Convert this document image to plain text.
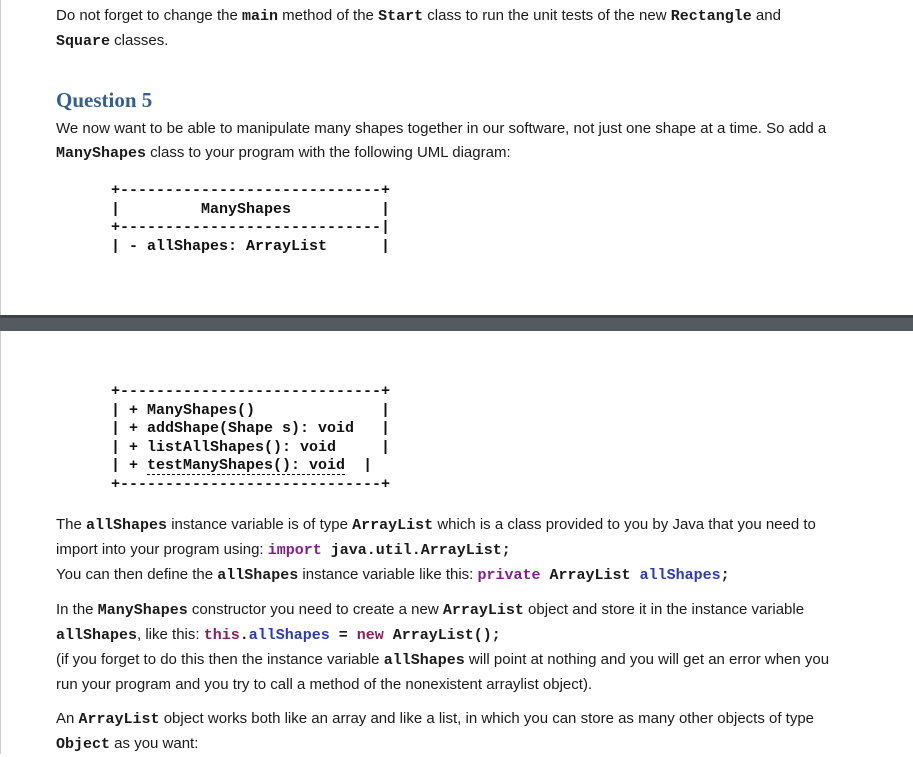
Do not forget to change the main method of the Start class to run the unit tests of the new Rectangle and
Square classes.
Question 5
We now want to be able to manipulate many shapes together in our software, not just one shape at a time. So add a
ManyShapes class to your program with the following UML diagram:
+-----------------------------+
|         ManyShapes          |
+-----------------------------|
| - allShapes: ArrayList      |
+-----------------------------+
| + ManyShapes()              |
| + addShape(Shape s): void   |
| + listAllShapes(): void     |
| + testManyShapes(): void  |
+-----------------------------+
The allShapes instance variable is of type ArrayList which is a class provided to you by Java that you need to
import into your program using: import java.util.ArrayList;
You can then define the allShapes instance variable like this: private ArrayList allShapes;
In the ManyShapes constructor you need to create a new ArrayList object and store it in the instance variable
allShapes, like this: this.allShapes = new ArrayList();
(if you forget to do this then the instance variable allShapes will point at nothing and you will get an error when you
run your program and you try to call a method of the nonexistent arraylist object).
An ArrayList object works both like an array and like a list, in which you can store as many other objects of type
Object as you want:
